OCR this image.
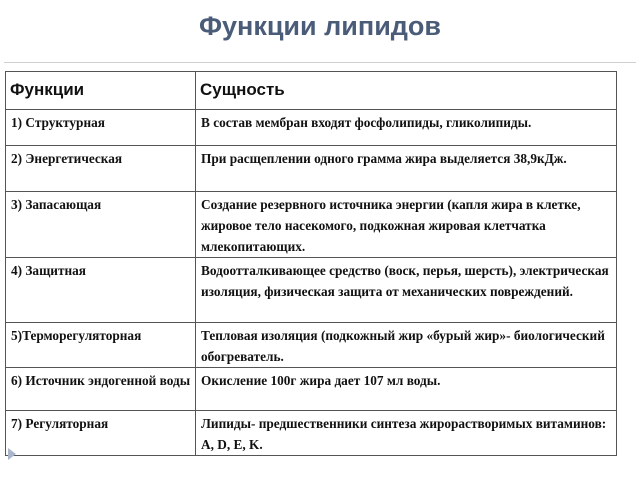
Функции липидов
Функции	Сущность
1) Структурная	В состав мембран входят фосфолипиды, гликолипиды.
2) Энергетическая	При расщеплении одного грамма жира выделяется 38,9кДж.
3) Запасающая	Создание резервного источника энергии (капля жира в клетке, жировое тело насекомого, подкожная жировая клетчатка млекопитающих.
4) Защитная	Водоотталкивающее средство (воск, перья, шерсть), электрическая изоляция, физическая защита от механических повреждений.
5)Терморегуляторная	Тепловая изоляция (подкожный жир «бурый жир»- биологический обогреватель.
6) Источник эндогенной воды	Окисление 100г жира дает 107 мл воды.
7) Регуляторная	Липиды- предшественники синтеза жирорастворимых витаминов: A, D, E, K.
